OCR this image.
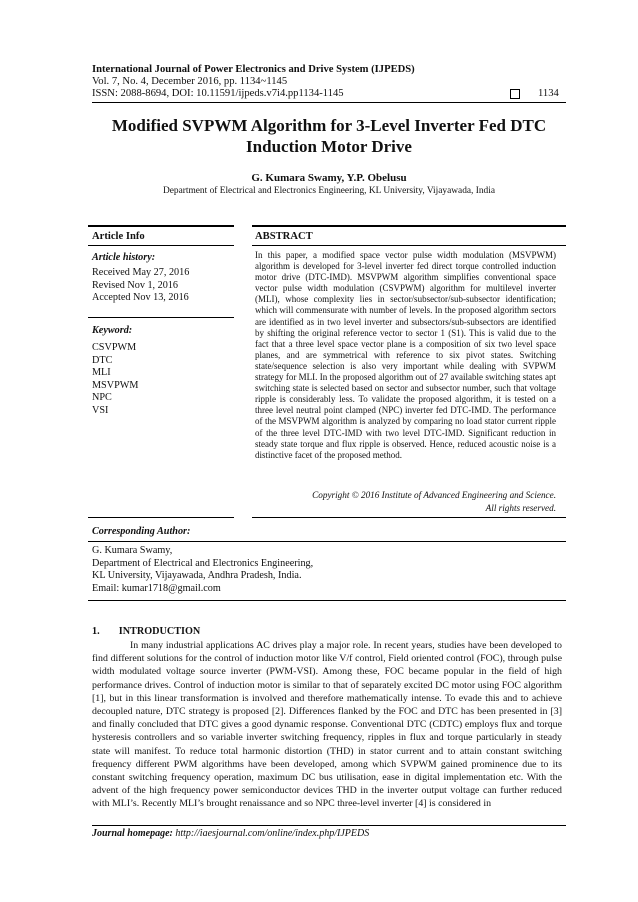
International Journal of Power Electronics and Drive System (IJPEDS)
Vol. 7, No. 4, December 2016, pp. 1134~1145
ISSN: 2088-8694, DOI: 10.11591/ijpeds.v7i4.pp1134-1145	1134
Modified SVPWM Algorithm for 3-Level Inverter Fed DTC
Induction Motor Drive
G. Kumara Swamy, Y.P. Obelusu
Department of Electrical and Electronics Engineering, KL University, Vijayawada, India
Article Info	ABSTRACT
Article history:
Received May 27, 2016
Revised Nov 1, 2016
Accepted Nov 13, 2016
Keyword:
CSVPWM
DTC
MLI
MSVPWM
NPC
VSI
In this paper, a modified space vector pulse width modulation (MSVPWM) algorithm is developed for 3-level inverter fed direct torque controlled induction motor drive (DTC-IMD). MSVPWM algorithm simplifies conventional space vector pulse width modulation (CSVPWM) algorithm for multilevel inverter (MLI), whose complexity lies in sector/subsector/sub-subsector identification; which will commensurate with number of levels. In the proposed algorithm sectors are identified as in two level inverter and subsectors/sub-subsectors are identified by shifting the original reference vector to sector 1 (S1). This is valid due to the fact that a three level space vector plane is a composition of six two level space planes, and are symmetrical with reference to six pivot states. Switching state/sequence selection is also very important while dealing with SVPWM strategy for MLI. In the proposed algorithm out of 27 available switching states apt switching state is selected based on sector and subsector number, such that voltage ripple is considerably less. To validate the proposed algorithm, it is tested on a three level neutral point clamped (NPC) inverter fed DTC-IMD. The performance of the MSVPWM algorithm is analyzed by comparing no load stator current ripple of the three level DTC-IMD with two level DTC-IMD. Significant reduction in steady state torque and flux ripple is observed. Hence, reduced acoustic noise is a distinctive facet of the proposed method.
Copyright © 2016 Institute of Advanced Engineering and Science.
All rights reserved.
Corresponding Author:
G. Kumara Swamy,
Department of Electrical and Electronics Engineering,
KL University, Vijayawada, Andhra Pradesh, India.
Email: kumar1718@gmail.com
1. INTRODUCTION
In many industrial applications AC drives play a major role. In recent years, studies have been developed to find different solutions for the control of induction motor like V/f control, Field oriented control (FOC), through pulse width modulated voltage source inverter (PWM-VSI). Among these, FOC became popular in the field of high performance drives. Control of induction motor is similar to that of separately excited DC motor using FOC algorithm [1], but in this linear transformation is involved and therefore mathematically intense. To evade this and to achieve decoupled nature, DTC strategy is proposed [2]. Differences flanked by the FOC and DTC has been presented in [3] and finally concluded that DTC gives a good dynamic response. Conventional DTC (CDTC) employs flux and torque hysteresis controllers and so variable inverter switching frequency, ripples in flux and torque particularly in steady state will manifest. To reduce total harmonic distortion (THD) in stator current and to attain constant switching frequency different PWM algorithms have been developed, among which SVPWM gained prominence due to its constant switching frequency operation, maximum DC bus utilisation, ease in digital implementation etc. With the advent of the high frequency power semiconductor devices THD in the inverter output voltage can further reduced with MLI’s. Recently MLI’s brought renaissance and so NPC three-level inverter [4] is considered in
Journal homepage: http://iaesjournal.com/online/index.php/IJPEDS
